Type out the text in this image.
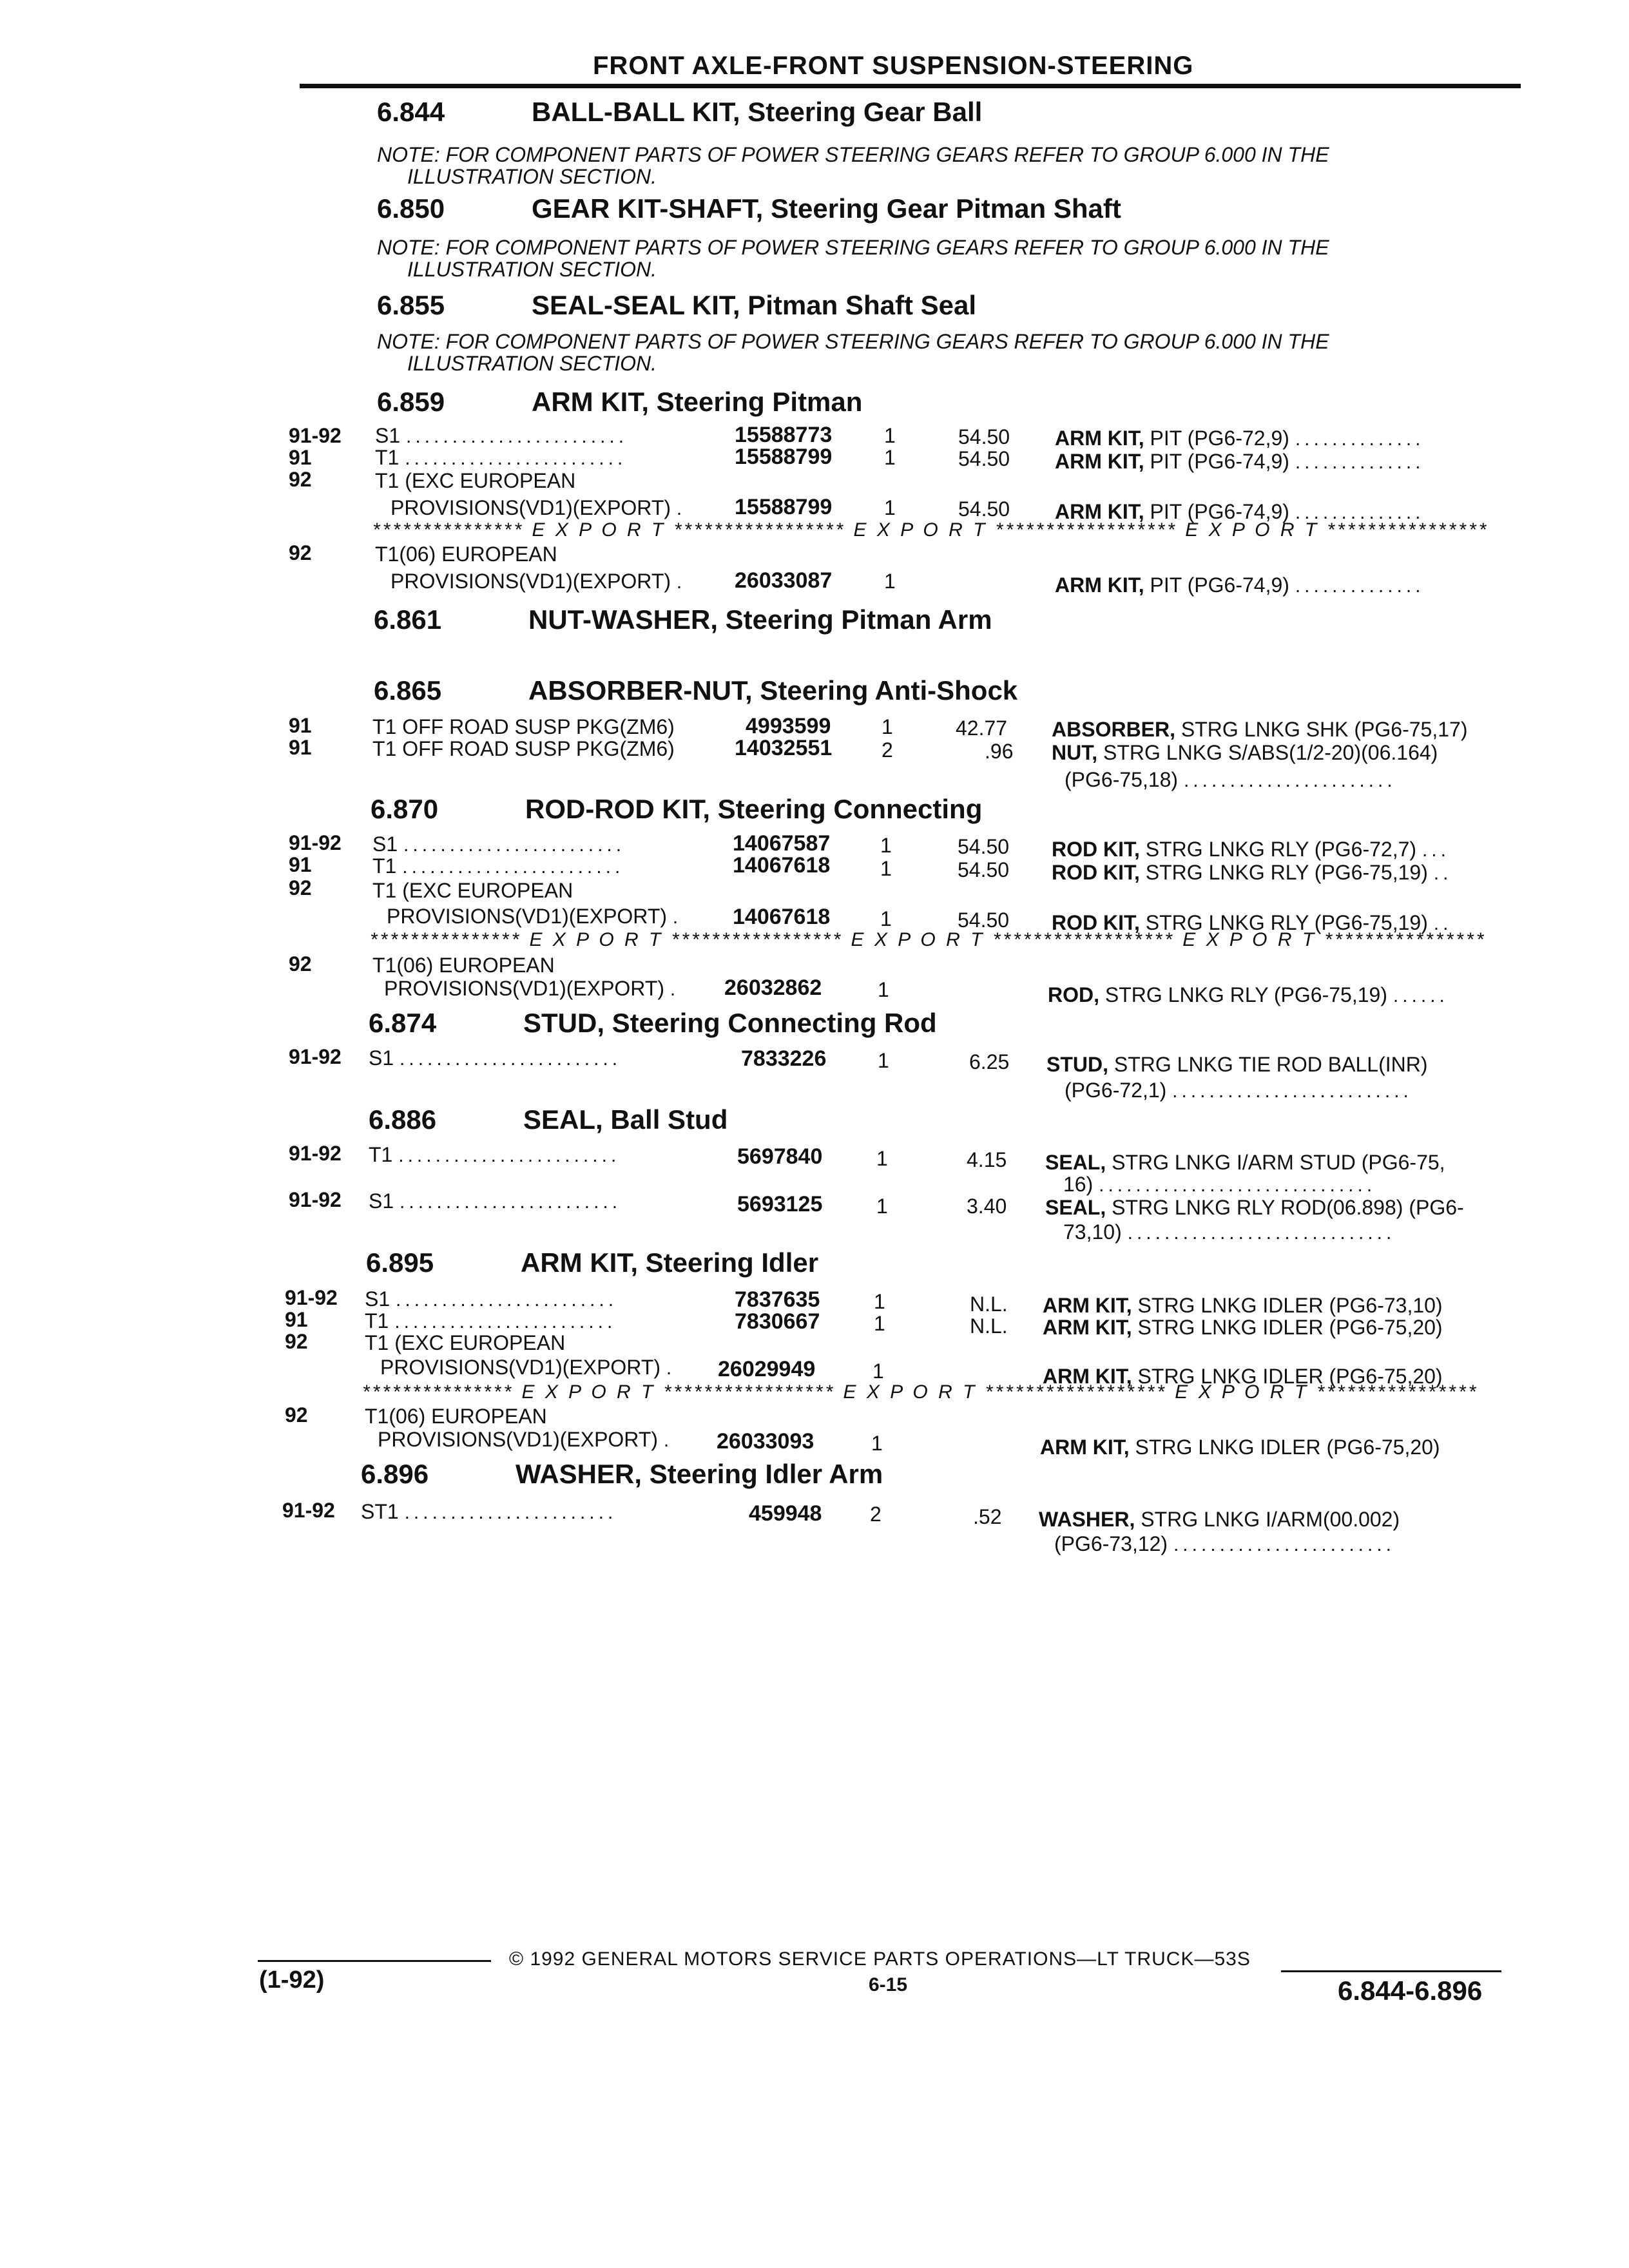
FRONT AXLE-FRONT SUSPENSION-STEERING
6.844	BALL-BALL KIT, Steering Gear Ball
NOTE: FOR COMPONENT PARTS OF POWER STEERING GEARS REFER TO GROUP 6.000 IN THE
ILLUSTRATION SECTION.
6.850	GEAR KIT-SHAFT, Steering Gear Pitman Shaft
NOTE: FOR COMPONENT PARTS OF POWER STEERING GEARS REFER TO GROUP 6.000 IN THE
ILLUSTRATION SECTION.
6.855	SEAL-SEAL KIT, Pitman Shaft Seal
NOTE: FOR COMPONENT PARTS OF POWER STEERING GEARS REFER TO GROUP 6.000 IN THE
ILLUSTRATION SECTION.
6.859	ARM KIT, Steering Pitman
91-92 S1 ........................	15588773	1	54.50 ARM KIT, PIT (PG6-72,9) ..............
91	T1 ........................	15588799	1	54.50 ARM KIT, PIT (PG6-74,9) ..............
92	T1 (EXC EUROPEAN
PROVISIONS(VD1)(EXPORT) . 15588799	1	54.50 ARM KIT, PIT (PG6-74,9) ..............
*************** E X P O R T ***************** E X P O R T ****************** E X P O R T ****************
92	T1(06) EUROPEAN
PROVISIONS(VD1)(EXPORT) . 26033087	1	ARM KIT, PIT (PG6-74,9) ..............
6.861	NUT-WASHER, Steering Pitman Arm
6.865	ABSORBER-NUT, Steering Anti-Shock
91	T1 OFF ROAD SUSP PKG(ZM6)	4993599 1	42.77 ABSORBER, STRG LNKG SHK (PG6-75,17)
91	T1 OFF ROAD SUSP PKG(ZM6)	14032551 2	.96 NUT, STRG LNKG S/ABS(1/2-20)(06.164)
(PG6-75,18) .......................
6.870	ROD-ROD KIT, Steering Connecting
91-92 S1 ........................	14067587 1	54.50 ROD KIT, STRG LNKG RLY (PG6-72,7) ...
91	T1 ........................	14067618 1	54.50 ROD KIT, STRG LNKG RLY (PG6-75,19) ..
92	T1 (EXC EUROPEAN
PROVISIONS(VD1)(EXPORT) . 14067618 1	54.50 ROD KIT, STRG LNKG RLY (PG6-75,19) ..
*************** E X P O R T ***************** E X P O R T ****************** E X P O R T ****************
92	T1(06) EUROPEAN
PROVISIONS(VD1)(EXPORT) . 26032862	1	ROD, STRG LNKG RLY (PG6-75,19) ......
6.874	STUD, Steering Connecting Rod
91-92 S1 ........................	7833226 1	6.25 STUD, STRG LNKG TIE ROD BALL(INR)
(PG6-72,1) ..........................
6.886	SEAL, Ball Stud
91-92 T1 ........................	5697840	1	4.15 SEAL, STRG LNKG I/ARM STUD (PG6-75,
16) ..............................
91-92 S1 ........................	5693125	1	3.40 SEAL, STRG LNKG RLY ROD(06.898) (PG6-
73,10) .............................
6.895	ARM KIT, Steering Idler
91-92 S1 ........................	7837635	1	N.L. ARM KIT, STRG LNKG IDLER (PG6-73,10)
91	T1 ........................	7830667	1	N.L. ARM KIT, STRG LNKG IDLER (PG6-75,20)
92	T1 (EXC EUROPEAN
PROVISIONS(VD1)(EXPORT) . 26029949	1	ARM KIT, STRG LNKG IDLER (PG6-75,20)
*************** E X P O R T ***************** E X P O R T ****************** E X P O R T ****************
92	T1(06) EUROPEAN
PROVISIONS(VD1)(EXPORT) . 26033093	1	ARM KIT, STRG LNKG IDLER (PG6-75,20)
6.896	WASHER, Steering Idler Arm
91-92 ST1 .......................	459948 2	.52 WASHER, STRG LNKG I/ARM(00.002)
(PG6-73,12) ........................
© 1992 GENERAL MOTORS SERVICE PARTS OPERATIONS—LT TRUCK—53S
(1-92)	6-15	6.844-6.896
